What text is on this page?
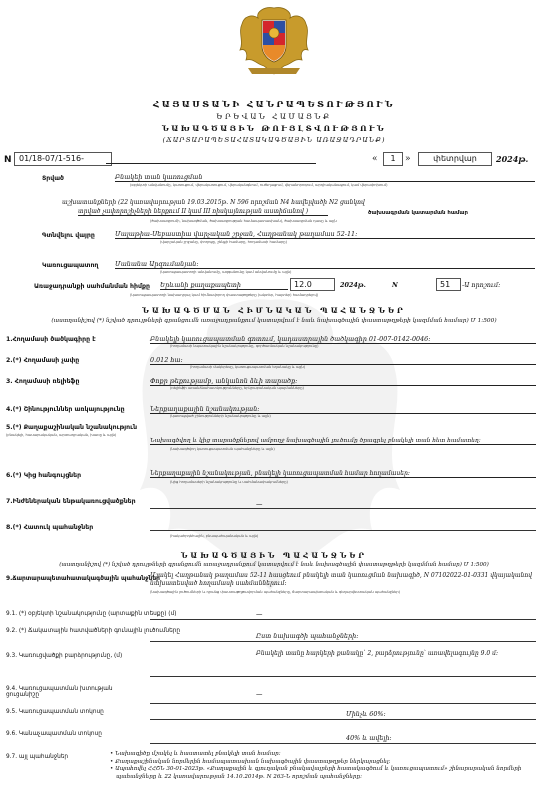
ՀԱՅԱՍՏԱՆԻ ՀԱՆՐԱՊԵՏՈՒԹՅՈՒՆ
ԵՐԵՎԱՆ ՀԱՄԱՅՆՔ
ՆԱԽԱԳԾԱՅԻՆ ԹՈՒՅԼՏՎՈՒԹՅՈՒՆ
(ՃԱՐՏԱՐԱՊԵՏԱՀԱՏԱԿԱԳԾԱՅԻՆ ԱՌԱՋԱԴՐԱՆՔ)
N 01/18-07/1-516-	«	1	»	փետրվար	2024թ.
Տրված	Բնակեի տան կառուցման
(օբյեկտի անվանումը, կառուցում, վերակառուցում, վերականգնում, ուժեղացում, վերանորոգում, արդիականացում, կամ վերափոխում)
աշխատանքների (22 կառավարության 19.03.2015թ. N 596 որոշման N4 հավելվածի N2 ցանկով
տրված չափորոշիչների ներքում II կամ III ռիսկայնության աստիճանով )	ծախսագրման կատարման համար
(ծախսագրումի, նախագծման, ծախսագրության համապատասխան), ծախսագրման դասը և այլն
Գտնվելու վայրը	Մալաթիա-Սեբաստիա վարչական շրջան, Հաղթանակ թաղամաս 52-11:
(վարչական շրջանը, փողոցը, շենքի համարը, հողամասի համարը)
Կառուցապատող	Մանանա Արզումանյան:
(կառուցապատողի անվանումը, ազգանունը կամ անվանումը և այլն)
Առաջադրանքի սահմանման հիմքը Երևանի քաղաքապետի	12.0	2024թ.	N	51	-Ա որոշում:
(կառուցապատողի նախադրյալ կամ հիմնավորող փաստաթղթերը (ակտեր, հայտեր) համադրելով)
ՆԱԽԱԳԾՄԱՆ ՀԻՄՆԱԿԱՆ ՊԱՀԱՆՋՆԵՐ
(աստղանիշով (*) նշված դրույթների գրանցումն առաջադրանքում կատարվում է նաև նախագծային փաստաթղթերի կազմման համար) Մ 1:500)
1.Հողամասի ծածկագիրը է	Բնակելի կառուցապատման գոտում, կադաստրային ծածկագիր 01-007-0142-0046:
(հողամասի նպատակային նշանակությունը, գործառնական նշանակությունը)
2.(*) Հողամասի չափը	0.012 հա:
(հողամասի մակերեսը, կառուցապատման եղանակը և այլն)
3. Հողամասի ռելիեֆը	Փոքր թեքությամբ, անկանոն ձևի տարածք:
(ռելիեֆի առանձնահատկությունները, երկրաբանական պայմանները)
4.(*) Շինություններ առկայությունը	Ներքաղաքային նշանակության:
(կառուցված շինությունների նշանակությունը և այլն)
5.(*) Քաղաքաշինական նշանակություն
(բնակելի, հասարակական, արտադրական, խառը և այլն)
Նախագծվող և կից տարածքներով ամբողջ նախագծային լուծումը ծրագրել բնակելի տան հետ համատեղ:
(նախագծվող կառուցապատման պահանջները և այլն)
6.(*) Կից հանգույցներ	Ներքաղաքային նշանակության, բնակելի կառուցապատման համար հողամասեր:
(կից հողամասերի նշանակությունը և սահմանափակումները)
7.Ինժեներական ենթակառուցվածքներ	—
8.(*) Հատուկ պահանջներ
(հակահրդեհային, բնապահպանական և այլն)
ՆԱԽԱԳԾԱՅԻՆ ՊԱՀԱՆՋՆԵՐ
(աստղանիշով (*) նշված դրույթների գրանցումն առաջադրանքում կատարվում է նաև նախագծային փաստաթղթերի կազմման համար) Մ 1:500)
9.Ճարտարապետահատակագծային պահանջներ
Մշակել Հաղթանակ թաղամաս 52-11 հասցեում բնակելի տան կառուցման նախագիծ, N 07102022-01-0331 վկայականով նախատեսված հողամասի սահմաններում:
(նախագծային լուծումների և դրանց փաստաթղթավորման պահանջները, ճարտարապետական և գեղարվեստական պահանջներ)
9.1. (*) օբյեկտի նշանակությունը (արտաքին տեսքը) (մ)	—
9.2. (*) Ճակատային հատվածների գունային լուծումները
Ըստ նախագծի պահանջների:
9.3. Կառուցվածքի բարձրությունը, (մ)	Բնակելի տանը հարկերի քանակը՝ 2, բարձրությունը՝ առավելագույնը 9.0 մ:
9.4. Կառուցապատման խտության ցուցանիշը	—
9.5. Կառուցապատման տոկոսը	Մինչև 60%:
9.6. Կանաչապատման տոկոսը	40% և ավելի:
9.7. այլ պահանջներ	• Նախագիծը մշակել և հաստատել բնակելի տան համար:
• Քաղաքաշինական նորմերին համապատասխան նախագծային փաստաթղթեր ներկայացնել:
• Ապահովել ՀՀՇՆ 30-01-2023թ. «Քաղաքային և գյուղական բնակավայրերի հատակագծում և կառուցապատում» շինարարական նորմերի պահանջները և 22 կառավարության 14.10.2014թ. N 263-Ն որոշման պահանջները:
